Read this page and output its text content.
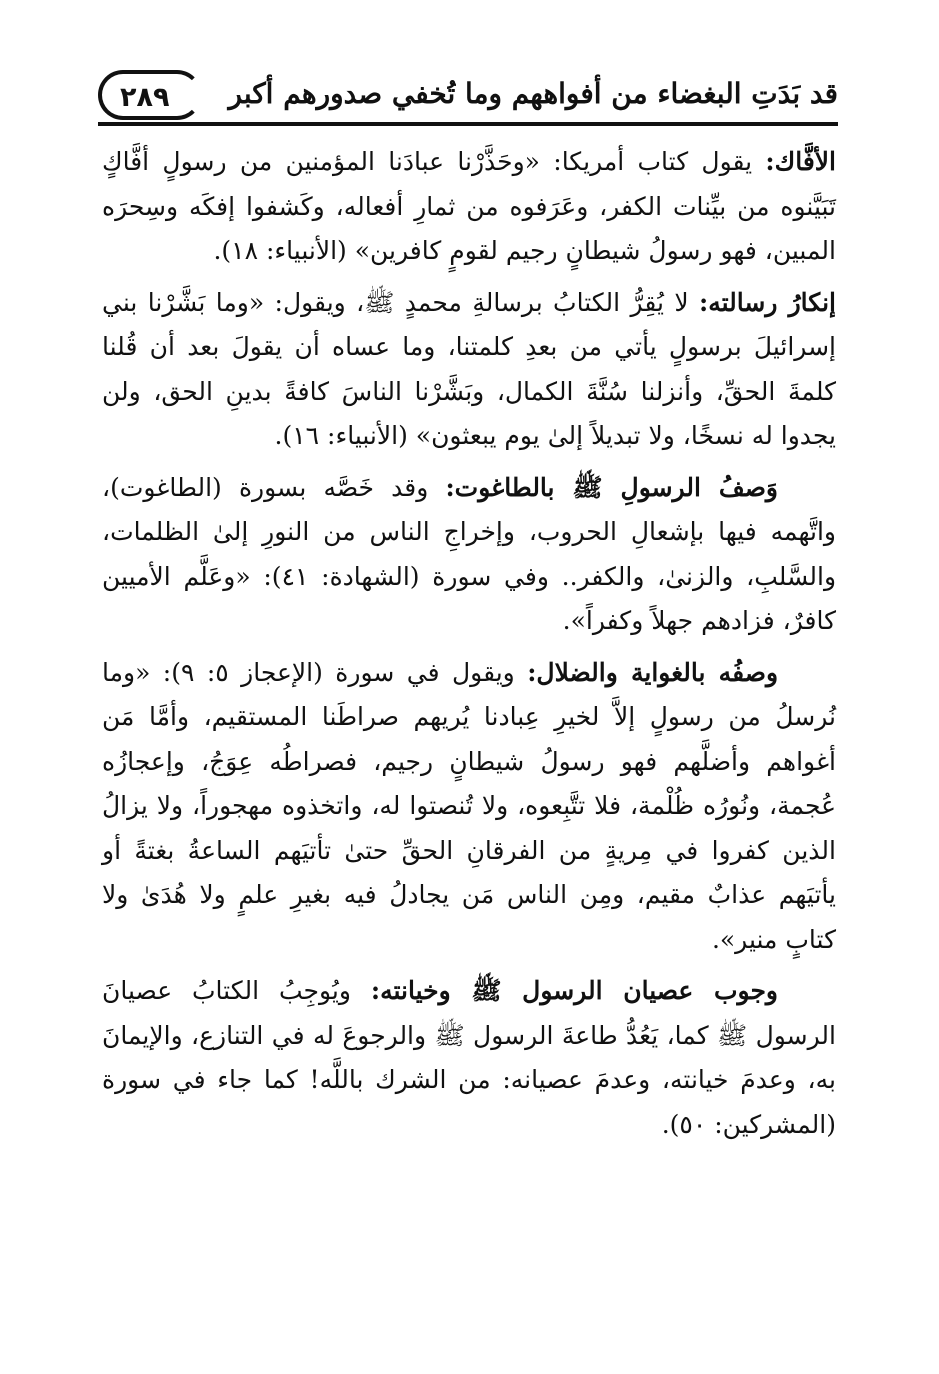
٢٨٩ قد بَدَتِ البغضاء من أفواههم وما تُخفي صدورهم أكبر

الأفَّاك: يقول كتاب أمريكا: «وحَذَّرْنا عبادَنا المؤمنين من رسولٍ أفَّاكٍ تَبَيَّنوه من بيِّنات الكفر، وعَرَفوه من ثمارِ أفعاله، وكَشفوا إفكَه وسِحرَه المبين، فهو رسولُ شيطانٍ رجيم لقومٍ كافرين» (الأنبياء: ١٨).

إنكارُ رسالته: لا يُقِرُّ الكتابُ برسالةِ محمدٍ ﷺ، ويقول: «وما بَشَّرْنا بني إسرائيلَ برسولٍ يأتي من بعدِ كلمتنا، وما عساه أن يقولَ بعد أن قُلنا كلمةَ الحقِّ، وأنزلنا سُنَّةَ الكمال، وبَشَّرْنا الناسَ كافةً بدينِ الحق، ولن يجدوا له نسخًا، ولا تبديلاً إلىٰ يوم يبعثون» (الأنبياء: ١٦).

وَصفُ الرسولِ ﷺ بالطاغوت: وقد خَصَّه بسورة (الطاغوت)، واتَّهمه فيها بإشعالِ الحروب، وإخراجِ الناس من النورِ إلىٰ الظلمات، والسَّلبِ، والزنىٰ، والكفر.. وفي سورة (الشهادة: ٤١): «وعَلَّم الأميين كافرٌ، فزادهم جهلاً وكفراً».

وصفُه بالغواية والضلال: ويقول في سورة (الإعجاز ٥: ٩): «وما نُرسلُ من رسولٍ إلاَّ لخيرِ عِبادنا يُريهم صراطَنا المستقيم، وأمَّا مَن أغواهم وأضلَّهم فهو رسولُ شيطانٍ رجيم، فصراطُه عِوَجُ، وإعجازُه عُجمة، ونُورُه ظُلْمة، فلا تتَّبِعوه، ولا تُنصتوا له، واتخذوه مهجوراً، ولا يزالُ الذين كفروا في مِريةٍ من الفرقانِ الحقِّ حتىٰ تأتيَهم الساعةُ بغتةً أو يأتيَهم عذابٌ مقيم، ومِن الناس مَن يجادلُ فيه بغيرِ علمٍ ولا هُدَىٰ ولا كتابٍ منير».

وجوب عصيان الرسول ﷺ وخيانته: ويُوجِبُ الكتابُ عصيانَ الرسول ﷺ كما، يَعُدُّ طاعةَ الرسول ﷺ والرجوعَ له في التنازع، والإيمانَ به، وعدمَ خيانته، وعدمَ عصيانه: من الشرك باللَّه! كما جاء في سورة (المشركين: ٥٠).
